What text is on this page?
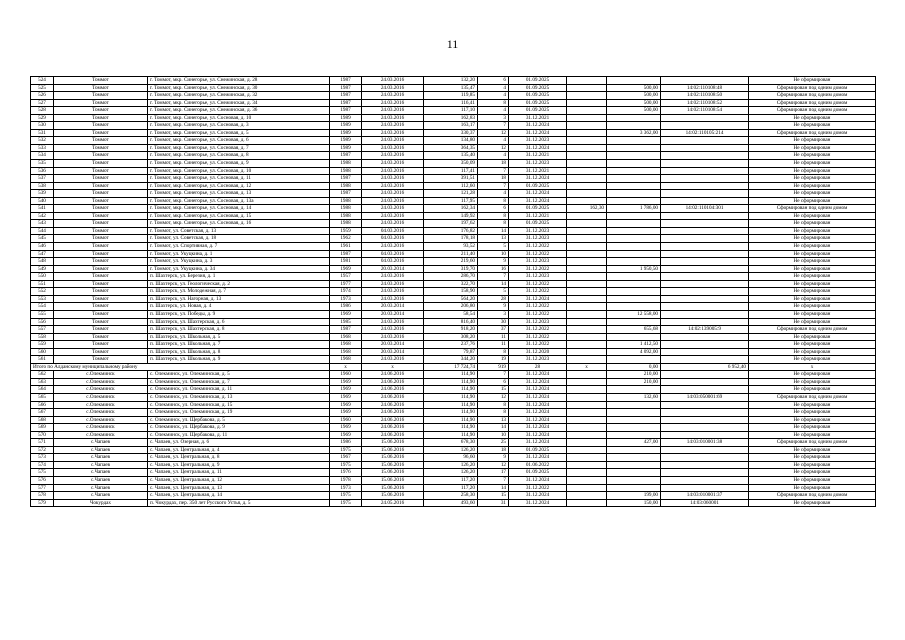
11
524	Томмот	г. Томмот, мкр. Синегорье, ул. Снежинская, д. 28	1987	24.03.2016	132,20	6	01.09.2025				Не сформирован
525	Томмот	г. Томмот, мкр. Синегорье, ул. Снежинская, д. 30	1987	24.03.2016	135,47	4	01.09.2025		500,00	14:02:110108:48	Сформирован под одним домом
526	Томмот	г. Томмот, мкр. Синегорье, ул. Снежинская, д. 32	1987	24.03.2016	119,85	4	01.09.2025		500,00	14:02:110108:50	Сформирован под одним домом
527	Томмот	г. Томмот, мкр. Синегорье, ул. Снежинская, д. 34	1987	24.03.2016	116,41	8	01.09.2025		500,00	14:02:110108:52	Сформирован под одним домом
528	Томмот	г. Томмот, мкр. Синегорье, ул. Снежинская, д. 36	1987	24.03.2016	117,10	4	01.09.2025		500,00	14:02:110108:54	Сформирован под одним домом
529	Томмот	г. Томмот, мкр. Синегорье, ул. Сосновая, д. 10	1989	24.03.2016	162,83	3	31.12.2021				Не сформирован
530	Томмот	г. Томмот, мкр. Синегорье, ул. Сосновая, д. 3	1989	24.03.2016	163,17	7	31.12.2024				Не сформирован
531	Томмот	г. Томмот, мкр. Синегорье, ул. Сосновая, д. 5	1989	24.03.2016	330,37	12	31.12.2024		3 362,00	14:02:110105:214	Сформирован под одним домом
532	Томмот	г. Томмот, мкр. Синегорье, ул. Сосновая, д. 6	1989	24.03.2016	134,80	4	31.12.2023				Не сформирован
533	Томмот	г. Томмот, мкр. Синегорье, ул. Сосновая, д. 7	1989	24.03.2016	364,35	12	31.12.2024				Не сформирован
534	Томмот	г. Томмот, мкр. Синегорье, ул. Сосновая, д. 8	1987	24.03.2016	135,40	4	31.12.2021				Не сформирован
535	Томмот	г. Томмот, мкр. Синегорье, ул. Сосновая, д. 9	1988	24.03.2016	350,09	18	31.12.2023				Не сформирован
536	Томмот	г. Томмот, мкр. Синегорье, ул. Сосновая, д. 10	1988	24.03.2016	117,41	7	31.12.2021				Не сформирован
537	Томмот	г. Томмот, мкр. Синегорье, ул. Сосновая, д. 11	1987	24.03.2016	391,51	18	31.12.2024				Не сформирован
538	Томмот	г. Томмот, мкр. Синегорье, ул. Сосновая, д. 12	1988	24.03.2016	112,60	7	01.09.2025				Не сформирован
539	Томмот	г. Томмот, мкр. Синегорье, ул. Сосновая, д. 13	1987	24.03.2016	121,28	4	31.12.2024				Не сформирован
540	Томмот	г. Томмот, мкр. Синегорье, ул. Сосновая, д. 13а	1988	24.03.2016	117,95	8	31.12.2024				Не сформирован
541	Томмот	г. Томмот, мкр. Синегорье, ул. Сосновая, д. 14	1988	24.03.2016	162,34	6	01.09.2025	162,30	1 786,00	14:02:110104:301	Сформирован под одним домом
542	Томмот	г. Томмот, мкр. Синегорье, ул. Сосновая, д. 15	1988	24.03.2016	149,92	8	31.12.2021				Не сформирован
543	Томмот	г. Томмот, мкр. Синегорье, ул. Сосновая, д. 16	1988	24.03.2016	197,62	8	01.09.2025				Не сформирован
544	Томмот	г. Томмот, ул. Советская, д. 13	1959	04.03.2016	176,82	14	31.12.2023				Не сформирован
545	Томмот	г. Томмот, ул. Советская, д. 18	1962	04.03.2016	178,18	13	31.12.2023				Не сформирован
546	Томмот	г. Томмот, ул. Спортивная, д. 7	1961	24.03.2016	93,52	5	31.12.2022				Не сформирован
547	Томмот	г. Томмот, ул. Укуцкина, д. 1	1987	04.03.2016	211,40	10	31.12.2022				Не сформирован
548	Томмот	г. Томмот, ул. Укуцкина, д. 3	1981	04.03.2016	219,60	9	31.12.2023				Не сформирован
549	Томмот	г. Томмот, ул. Укуцкина, д. 34	1969	20.03.2014	319,70	16	31.12.2022		1 950,50		Не сформирован
550	Томмот	п. Шахтерск, ул. Березия, д. 1	1957	24.03.2016	286,70	7	31.12.2023				Не сформирован
551	Томмот	п. Шахтерск, ул. Геологическая, д. 2	1977	24.03.2016	322,70	14	31.12.2022				Не сформирован
552	Томмот	п. Шахтерск, ул. Молодежная, д. 7	1974	24.03.2016	158,90	5	31.12.2022				Не сформирован
553	Томмот	п. Шахтерск, ул. Нагорная, д. 13	1973	24.03.2016	564,20	28	31.12.2024				Не сформирован
554	Томмот	п. Шахтерск, ул. Новая, д. 4	1986	20.03.2014	206,80	9	31.12.2022				Не сформирован
555	Томмот	п. Шахтерск, ул. Победы, д. 9	1969	20.03.2014	58,54	3	31.12.2022		12 558,00		Не сформирован
556	Томмот	п. Шахтерск, ул. Шахтерская, д. 6	1985	24.03.2016	816,40	30	31.12.2023				Не сформирован
557	Томмот	п. Шахтерск, ул. Шахтерская, д. 8	1987	24.03.2016	918,20	37	31.12.2022		655,68	14:02:139005:9	Сформирован под одним домом
558	Томмот	п. Шахтерск, ул. Школьная, д. 5	1968	24.03.2016	308,20	11	31.12.2022				Не сформирован
559	Томмот	п. Шахтерск, ул. Школьная, д. 7	1968	20.03.2014	237,76	11	31.12.2022		1 412,50		Не сформирован
560	Томмот	п. Шахтерск, ул. Школьная, д. 8	1968	20.03.2014	79,87	8	31.12.2020		4 092,00		Не сформирован
561	Томмот	п. Шахтерск, ул. Школьная, д. 9	1968	24.03.2016	344,20	19	31.12.2023				Не сформирован
Итого по Алданскому муниципальному району			x	x	17 724,74	919	28	x	0,00	6 952,40	x
562	с.Олекминск	с. Олекминск, ул. Олекминская, д. 5	1960	24.06.2016	114,90	7	31.12.2024		210,00		Не сформирован
563	с.Олекминск	с. Олекминск, ул. Олекминская, д. 7	1969	24.06.2016	114,90	6	31.12.2024		210,00		Не сформирован
564	с.Олекминск	с. Олекминск, ул. Олекминская, д. 11	1969	24.06.2016	114,90	15	31.12.2024				Не сформирован
565	с.Олекминск	с. Олекминск, ул. Олекминская, д. 13	1969	24.06.2016	114,90	12	31.12.2024		132,60	14:03:050001:69	Сформирован под одним домом
566	с.Олекминск	с. Олекминск, ул. Олекминская, д. 15	1969	24.06.2016	114,90	8	31.12.2024				Не сформирован
567	с.Олекминск	с. Олекминск, ул. Олекминская, д. 19	1969	24.06.2016	114,90	8	31.12.2024				Не сформирован
568	с.Олекминск	с. Олекминск, ул. Щербакова, д. 5	1960	24.06.2016	114,90	13	31.12.2024				Не сформирован
569	с.Олекминск	с. Олекминск, ул. Щербакова, д. 9	1969	24.06.2016	114,90	14	31.12.2024				Не сформирован
570	с.Олекминск	с. Олекминск, ул. Щербакова, д. 11	1969	24.06.2016	114,90	10	31.12.2024				Не сформирован
571	с.Чапаев	с. Чапаев, ул. Озерная, д. 6	1986	15.06.2016	678,30	25	31.12.2024		427,00	14:03:010001:38	Сформирован под одним домом
572	с.Чапаев	с. Чапаев, ул. Центральная, д. 4	1975	15.06.2016	126,20	18	01.09.2025				Не сформирован
573	с.Чапаев	с. Чапаев, ул. Центральная, д. 8	1967	15.06.2016	96,60	9	31.12.2024				Не сформирован
574	с.Чапаев	с. Чапаев, ул. Центральная, д. 9	1975	15.06.2016	126,20	12	01.06.2022				Не сформирован
575	с.Чапаев	с. Чапаев, ул. Центральная, д. 11	1976	15.06.2016	126,20	17	01.09.2025				Не сформирован
576	с.Чапаев	с. Чапаев, ул. Центральная, д. 12	1978	15.06.2016	117,20	7	31.12.2024				Не сформирован
577	с.Чапаев	с. Чапаев, ул. Центральная, д. 13	1973	15.06.2016	117,20	14	31.12.2022				Не сформирован
578	с.Чапаев	с. Чапаев, ул. Центральная, д. 14	1975	15.06.2016	258,30	15	31.12.2024		199,00	14:03:010001:37	Сформирован под одним домом
579	Чокурдах	п. Чокурдах, пер. 350 лет Русского Устья, д. 5	1975	24.05.2016	493,60	31	31.12.2024		150,00	14:03:060001	Не сформирован
